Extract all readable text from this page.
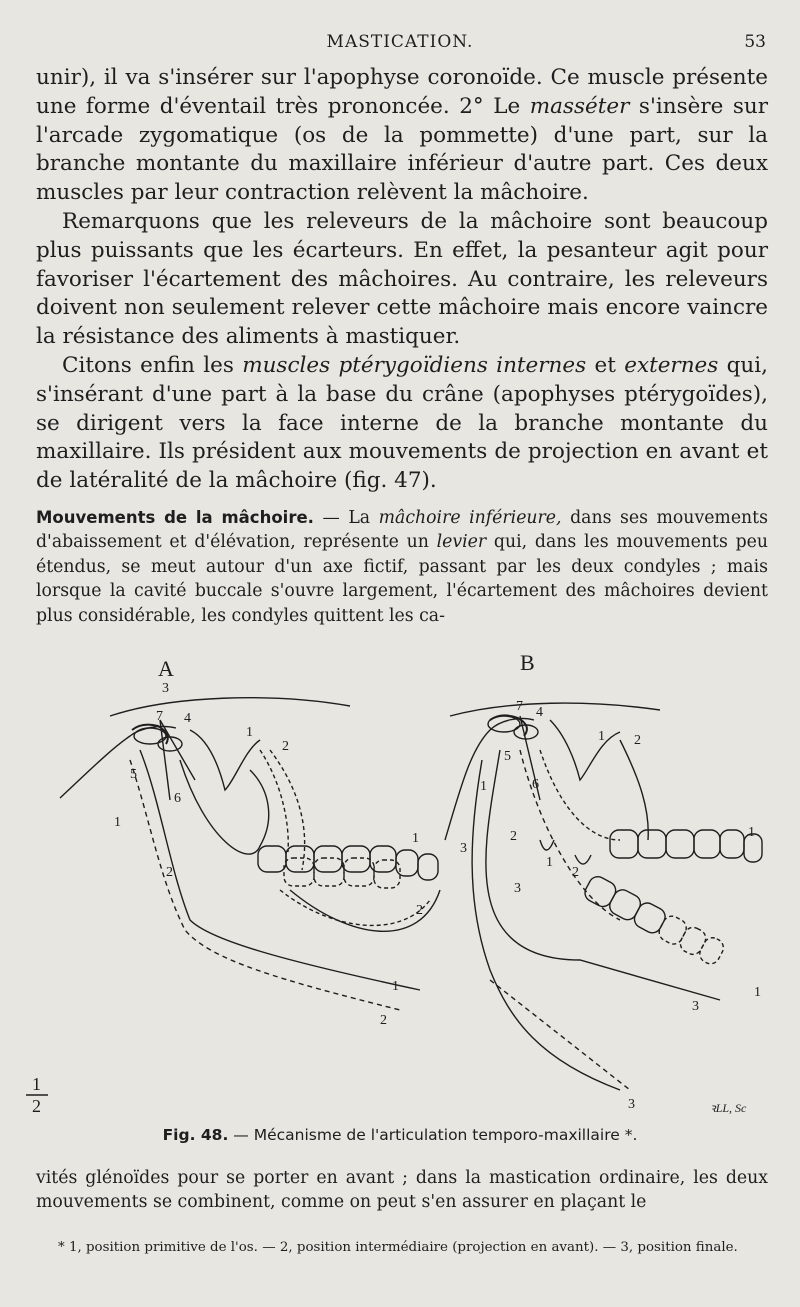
MASTICATION.	53

unir), il va s'insérer sur l'apophyse coronoïde. Ce muscle présente une forme d'éventail très prononcée. 2° Le masséter s'insère sur l'arcade zygomatique (os de la pommette) d'une part, sur la branche montante du maxillaire inférieur d'autre part. Ces deux muscles par leur contraction relèvent la mâchoire.

Remarquons que les releveurs de la mâchoire sont beaucoup plus puissants que les écarteurs. En effet, la pesanteur agit pour favoriser l'écartement des mâchoires. Au contraire, les releveurs doivent non seulement relever cette mâchoire mais encore vaincre la résistance des aliments à mastiquer.

Citons enfin les muscles ptérygoïdiens internes et externes qui, s'insérant d'une part à la base du crâne (apophyses ptérygoïdes), se dirigent vers la face interne de la branche montante du maxillaire. Ils président aux mouvements de projection en avant et de latéralité de la mâchoire (fig. 47).

Mouvements de la mâchoire. — La mâchoire inférieure, dans ses mouvements d'abaissement et d'élévation, représente un levier qui, dans les mouvements peu étendus, se meut autour d'un axe fictif, passant par les deux condyles ; mais lorsque la cavité buccale s'ouvre largement, l'écartement des mâchoires devient plus considérable, les condyles quittent les ca-

A	B
3
7 4
1
2
5
6
1
1
2
2
1
2
7 4
1 2
5
6
1
2
3
1
2
3
1
1
3
3
1
2	ꝛLL, Sc
Fig. 48. — Mécanisme de l'articulation temporo-maxillaire *.

vités glénoïdes pour se porter en avant ; dans la mastication ordinaire, les deux mouvements se combinent, comme on peut s'en assurer en plaçant le

* 1, position primitive de l'os. — 2, position intermédiaire (projection en avant). — 3, position finale.
